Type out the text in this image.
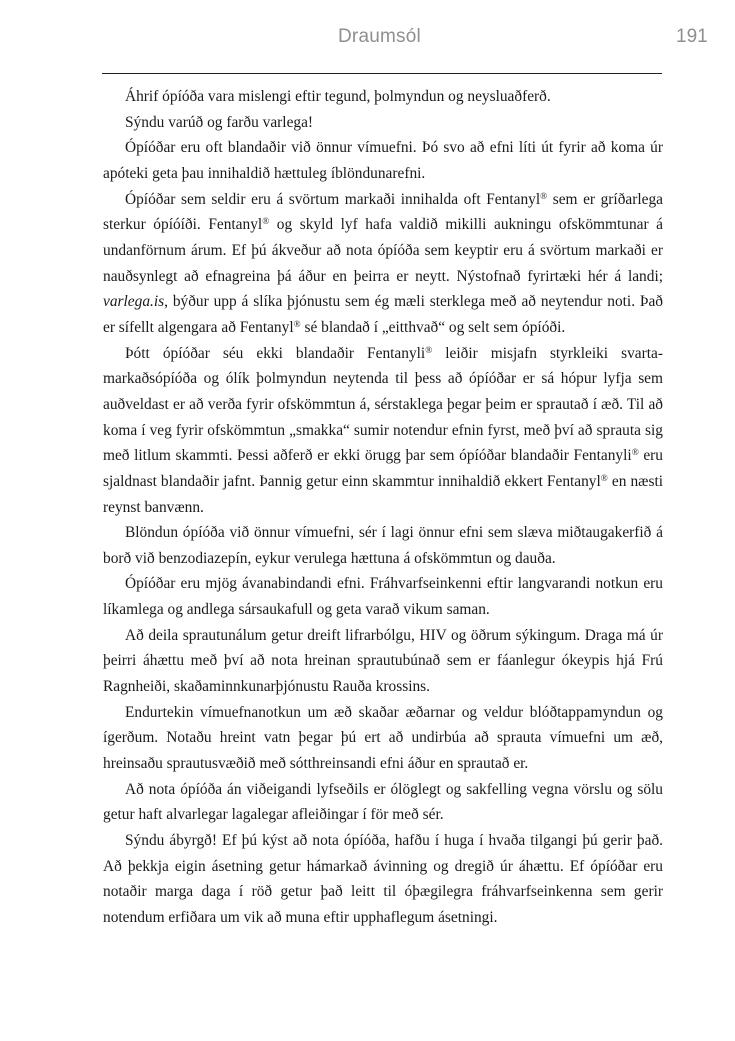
Draumsól	191

Áhrif ópíóða vara mislengi eftir tegund, þolmyndun og neysluaðferð.

Sýndu varúð og farðu varlega!

Ópíóðar eru oft blandaðir við önnur vímuefni. Þó svo að efni líti út fyrir að koma úr apóteki geta þau innihaldið hættuleg íblöndunarefni.

Ópíóðar sem seldir eru á svörtum markaði innihalda oft Fentanyl® sem er gríðarlega sterkur ópíóíði. Fentanyl® og skyld lyf hafa valdið mikilli aukningu ofskömmtunar á undanförnum árum. Ef þú ákveður að nota ópíóða sem keyptir eru á svörtum markaði er nauðsynlegt að efnagreina þá áður en þeirra er neytt. Nýstofnað fyrirtæki hér á landi; varlega.is, býður upp á slíka þjónustu sem ég mæli sterklega með að neytendur noti. Það er sífellt algengara að Fentanyl® sé blandað í „eitthvað“ og selt sem ópíóði.

Þótt ópíóðar séu ekki blandaðir Fentanyli® leiðir misjafn styrkleiki svartamarkaðsópíóða og ólík þolmyndun neytenda til þess að ópíóðar er sá hópur lyfja sem auðveldast er að verða fyrir ofskömmtun á, sérstaklega þegar þeim er sprautað í æð. Til að koma í veg fyrir ofskömmtun „smakka“ sumir notendur efnin fyrst, með því að sprauta sig með litlum skammti. Þessi aðferð er ekki örugg þar sem ópíóðar blandaðir Fentanyli® eru sjaldnast blandaðir jafnt. Þannig getur einn skammtur innihaldið ekkert Fentanyl® en næsti reynst banvænn.

Blöndun ópíóða við önnur vímuefni, sér í lagi önnur efni sem slæva miðtaugakerfið á borð við benzodiazepín, eykur verulega hættuna á ofskömmtun og dauða.

Ópíóðar eru mjög ávanabindandi efni. Fráhvarfseinkenni eftir langvarandi notkun eru líkamlega og andlega sársaukafull og geta varað vikum saman.

Að deila sprautunálum getur dreift lifrarbólgu, HIV og öðrum sýkingum. Draga má úr þeirri áhættu með því að nota hreinan sprautubúnað sem er fáanlegur ókeypis hjá Frú Ragnheiði, skaðaminnkunarþjónustu Rauða krossins.

Endurtekin vímuefnanotkun um æð skaðar æðarnar og veldur blóðtappamyndun og ígerðum. Notaðu hreint vatn þegar þú ert að undirbúa að sprauta vímuefni um æð, hreinsaðu sprautusvæðið með sótthreinsandi efni áður en sprautað er.

Að nota ópíóða án viðeigandi lyfseðils er ólöglegt og sakfelling vegna vörslu og sölu getur haft alvarlegar lagalegar afleiðingar í för með sér.

Sýndu ábyrgð! Ef þú kýst að nota ópíóða, hafðu í huga í hvaða tilgangi þú gerir það. Að þekkja eigin ásetning getur hámarkað ávinning og dregið úr áhættu. Ef ópíóðar eru notaðir marga daga í röð getur það leitt til óþægilegra fráhvarfseinkenna sem gerir notendum erfiðara um vik að muna eftir upphaflegum ásetningi.
